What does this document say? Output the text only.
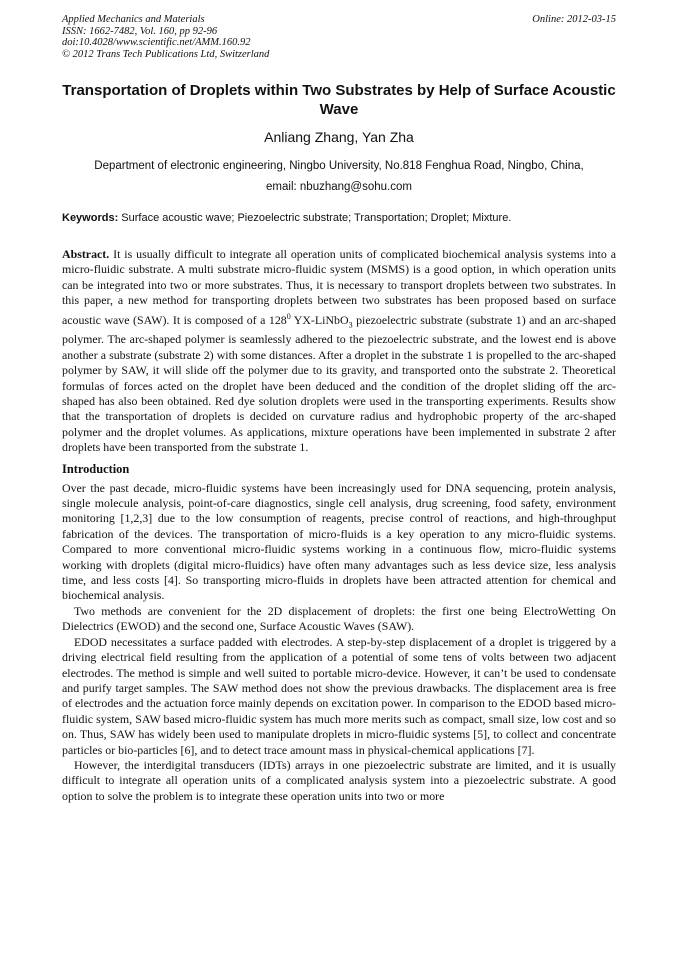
Applied Mechanics and Materials
ISSN: 1662-7482, Vol. 160, pp 92-96
doi:10.4028/www.scientific.net/AMM.160.92
© 2012 Trans Tech Publications Ltd, Switzerland
Online: 2012-03-15
Transportation of Droplets within Two Substrates by Help of Surface Acoustic Wave
Anliang Zhang, Yan Zha
Department of electronic engineering, Ningbo University, No.818 Fenghua Road, Ningbo, China,
email: nbuzhang@sohu.com
Keywords: Surface acoustic wave; Piezoelectric substrate; Transportation; Droplet; Mixture.

Abstract. It is usually difficult to integrate all operation units of complicated biochemical analysis systems into a micro-fluidic substrate. A multi substrate micro-fluidic system (MSMS) is a good option, in which operation units can be integrated into two or more substrates. Thus, it is necessary to transport droplets between two substrates. In this paper, a new method for transporting droplets between two substrates has been proposed based on surface acoustic wave (SAW). It is composed of a $128^0$ YX-LiNbO$_3$ piezoelectric substrate (substrate 1) and an arc-shaped polymer. The arc-shaped polymer is seamlessly adhered to the piezoelectric substrate, and the lowest end is above another a substrate (substrate 2) with some distances. After a droplet in the substrate 1 is propelled to the arc-shaped polymer by SAW, it will slide off the polymer due to its gravity, and transported onto the substrate 2. Theoretical formulas of forces acted on the droplet have been deduced and the condition of the droplet sliding off the arc-shaped has also been obtained. Red dye solution droplets were used in the transporting experiments. Results show that the transportation of droplets is decided on curvature radius and hydrophobic property of the arc-shaped polymer and the droplet volumes. As applications, mixture operations have been implemented in substrate 2 after droplets have been transported from the substrate 1.

Introduction

Over the past decade, micro-fluidic systems have been increasingly used for DNA sequencing, protein analysis, single molecule analysis, point-of-care diagnostics, single cell analysis, drug screening, food safety, environment monitoring [1,2,3] due to the low consumption of reagents, precise control of reactions, and high-throughput fabrication of the devices. The transportation of micro-fluids is a key operation to any micro-fluidic systems. Compared to more conventional micro-fluidic systems working in a continuous flow, micro-fluidic systems working with droplets (digital micro-fluidics) have often many advantages such as less device size, less analysis time, and less costs [4]. So transporting micro-fluids in droplets have been attracted attention for chemical and biochemical analysis.

Two methods are convenient for the 2D displacement of droplets: the first one being ElectroWetting On Dielectrics (EWOD) and the second one, Surface Acoustic Waves (SAW).

EDOD necessitates a surface padded with electrodes. A step-by-step displacement of a droplet is triggered by a driving electrical field resulting from the application of a potential of some tens of volts between two adjacent electrodes. The method is simple and well suited to portable micro-device. However, it can’t be used to condensate and purify target samples. The SAW method does not show the previous drawbacks. The displacement area is free of electrodes and the actuation force mainly depends on excitation power. In comparison to the EDOD based micro-fluidic system, SAW based micro-fluidic system has much more merits such as compact, small size, low cost and so on. Thus, SAW has widely been used to manipulate droplets in micro-fluidic systems [5], to collect and concentrate particles or bio-particles [6], and to detect trace amount mass in physical-chemical applications [7].

However, the interdigital transducers (IDTs) arrays in one piezoelectric substrate are limited, and it is usually difficult to integrate all operation units of a complicated analysis system into a piezoelectric substrate. A good option to solve the problem is to integrate these operation units into two or more
